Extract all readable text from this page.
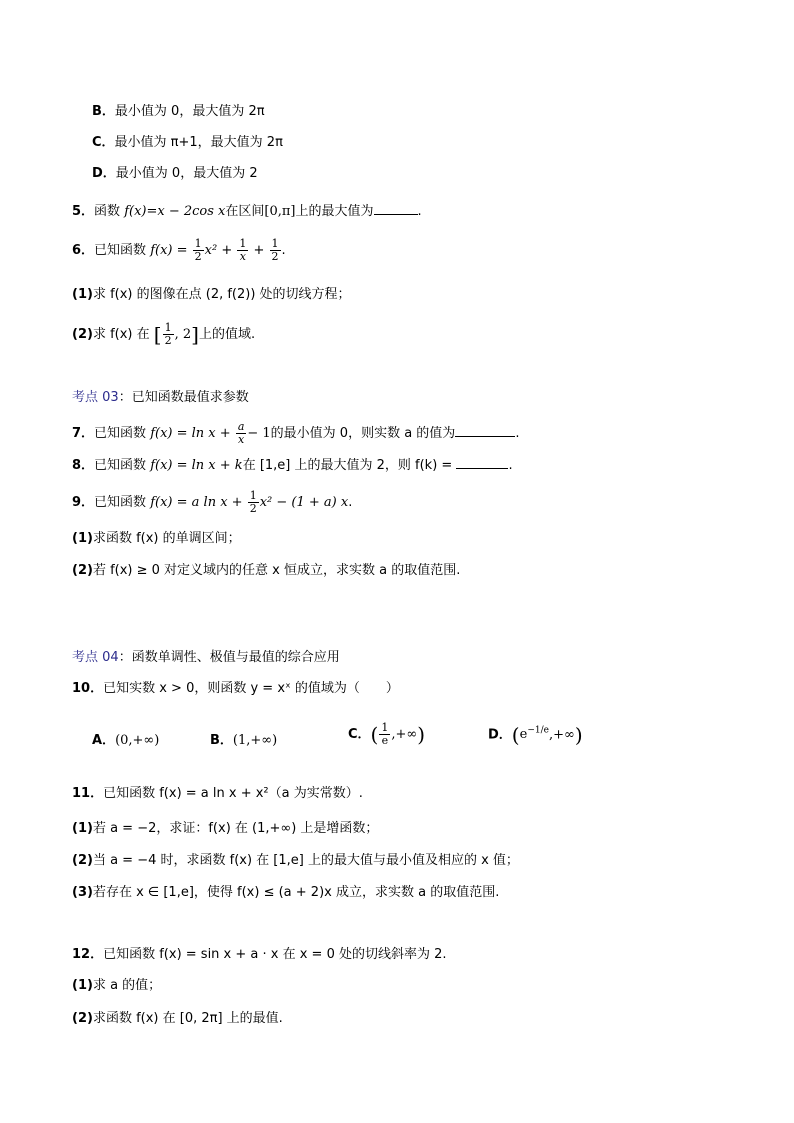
B．最小值为 0，最大值为 2π
C．最小值为 π+1，最大值为 2π
D．最小值为 0，最大值为 2
5．函数 f(x)=x − 2cos x在区间[0,π]上的最大值为	.
6．已知函数 $f(x) = \frac{1}{2} x^2 + \frac{1}{x} + \frac{1}{2}$ .
(1)求 f(x) 的图像在点 (2, f(2)) 处的切线方程；
(2)求 f(x) 在 [ $\frac{1}{2}$ , 2]上的值域.
考点 03：已知函数最值求参数
7．已知函数 $f(x) = \ln x + \frac{a}{x} - 1$的最小值为 0，则实数 a 的值为	.
8．已知函数 f(x) = ln x + k在 [1,e] 上的最大值为 2，则 f(k) =	.
9．已知函数 f(x) = a $\ln x + \frac{1}{2} x^2 - (1 + a)$ x.
(1)求函数 f(x) 的单调区间；
(2)若 f(x) ≥ 0 对定义域内的任意 x 恒成立，求实数 a 的取值范围.
考点 04：函数单调性、极值与最值的综合应用
10．已知实数 x > 0，则函数 y = xˣ 的值域为（　　）
A．(0,+∞)	B．(1,+∞)	C．( $\frac{1}{e}$ ,+∞)	D．$(e^{-1/e},+\infty)$
11．已知函数 f(x) = a ln x + x²（a 为实常数）.
(1)若 a = −2，求证：f(x) 在 (1,+∞) 上是增函数；
(2)当 a = −4 时，求函数 f(x) 在 [1,e] 上的最大值与最小值及相应的 x 值；
(3)若存在 x ∈ [1,e]，使得 f(x) ≤ (a + 2)x 成立，求实数 a 的取值范围.
12．已知函数 f(x) = sin x + a · x 在 x = 0 处的切线斜率为 2.
(1)求 a 的值；
(2)求函数 f(x) 在 [0, 2π] 上的最值.
